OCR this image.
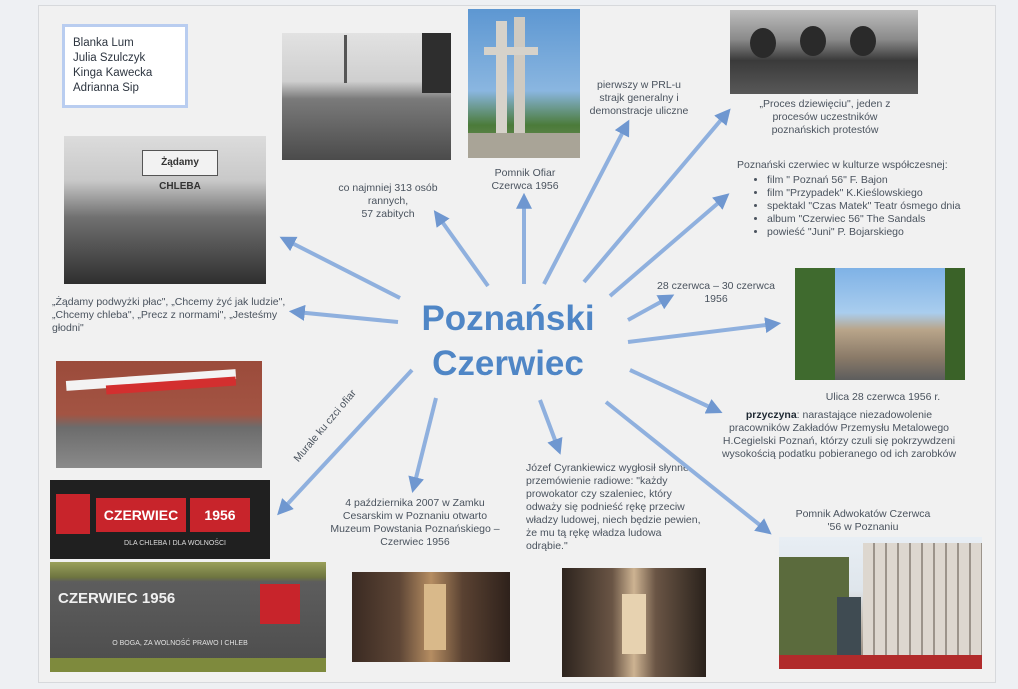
Blanka Lum
Julia Szulczyk
Kinga Kawecka
Adrianna Sip
Żądamy CHLEBA
CZERWIEC	1956
DLA CHLEBA I DLA WOLNOŚCI
CZERWIEC 1956
O BOGA, ZA WOLNOŚĆ PRAWO I CHLEB
Poznański
Czerwiec
co najmniej 313 osób rannych,
57 zabitych
Pomnik Ofiar Czerwca 1956
pierwszy w PRL-u strajk generalny i demonstracje uliczne
„Proces dziewięciu", jeden z procesów uczestników poznańskich protestów
Poznański czerwiec w kulturze współczesnej:
• film " Poznań 56" F. Bajon
• film "Przypadek" K.Kieślowskiego
• spektakl "Czas Matek" Teatr ósmego dnia
• album "Czerwiec 56" The Sandals
• powieść "Juni" P. Bojarskiego
„Żądamy podwyżki płac", „Chcemy żyć jak ludzie", „Chcemy chleba", „Precz z normami", „Jesteśmy głodni"
28 czerwca – 30 czerwca 1956
Ulica 28 czerwca 1956 r.
przyczyna: narastające niezadowolenie pracowników Zakładów Przemysłu Metalowego H.Cegielski Poznań, którzy czuli się pokrzywdzeni wysokością podatku pobieranego od ich zarobków
Murale ku czci ofiar
4 października 2007 w Zamku Cesarskim w Poznaniu otwarto Muzeum Powstania Poznańskiego – Czerwiec 1956
Józef Cyrankiewicz wygłosił słynne przemówienie radiowe: "każdy prowokator czy szaleniec, który odważy się podnieść rękę przeciw władzy ludowej, niech będzie pewien, że mu tą rękę władza ludowa odrąbie."
Pomnik Adwokatów Czerwca '56 w Poznaniu
